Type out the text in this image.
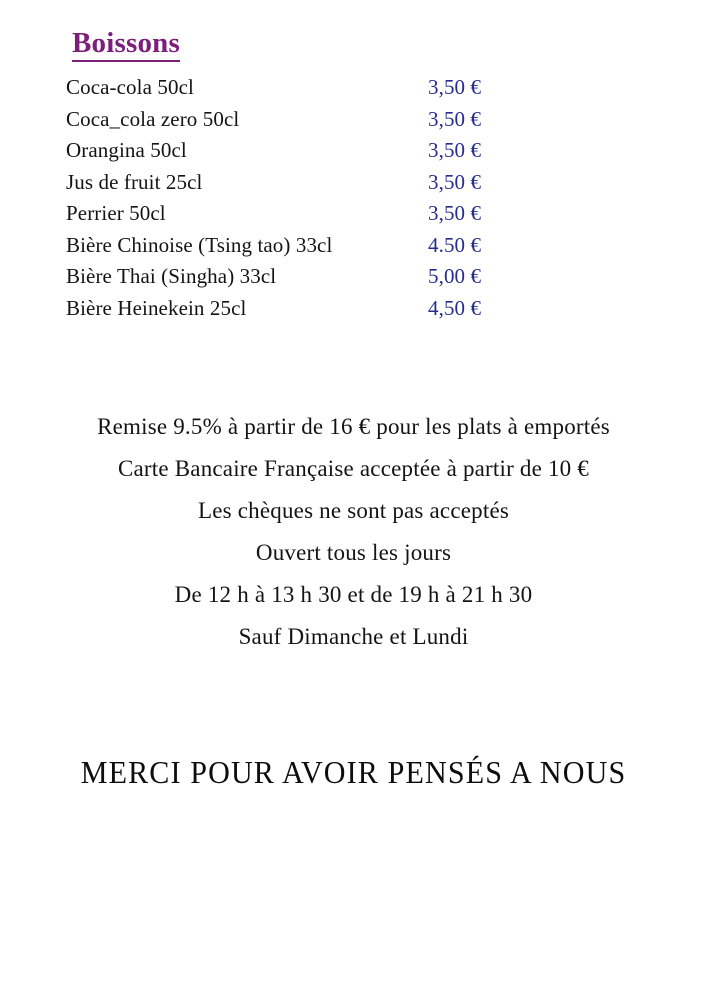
Boissons
Coca-cola 50cl	3,50 €
Coca_cola zero 50cl	3,50 €
Orangina 50cl	3,50 €
Jus de fruit 25cl	3,50 €
Perrier 50cl	3,50 €
Bière Chinoise (Tsing tao) 33cl	4.50 €
Bière Thai (Singha) 33cl	5,00 €
Bière Heinekein 25cl	4,50 €
Remise 9.5% à partir de 16 € pour les plats à emportés
Carte Bancaire Française acceptée à partir de 10 €
Les chèques ne sont pas acceptés
Ouvert tous les jours
De 12 h à 13 h 30 et de 19 h à 21 h 30
Sauf Dimanche et Lundi
MERCI POUR AVOIR PENSÉS A NOUS
